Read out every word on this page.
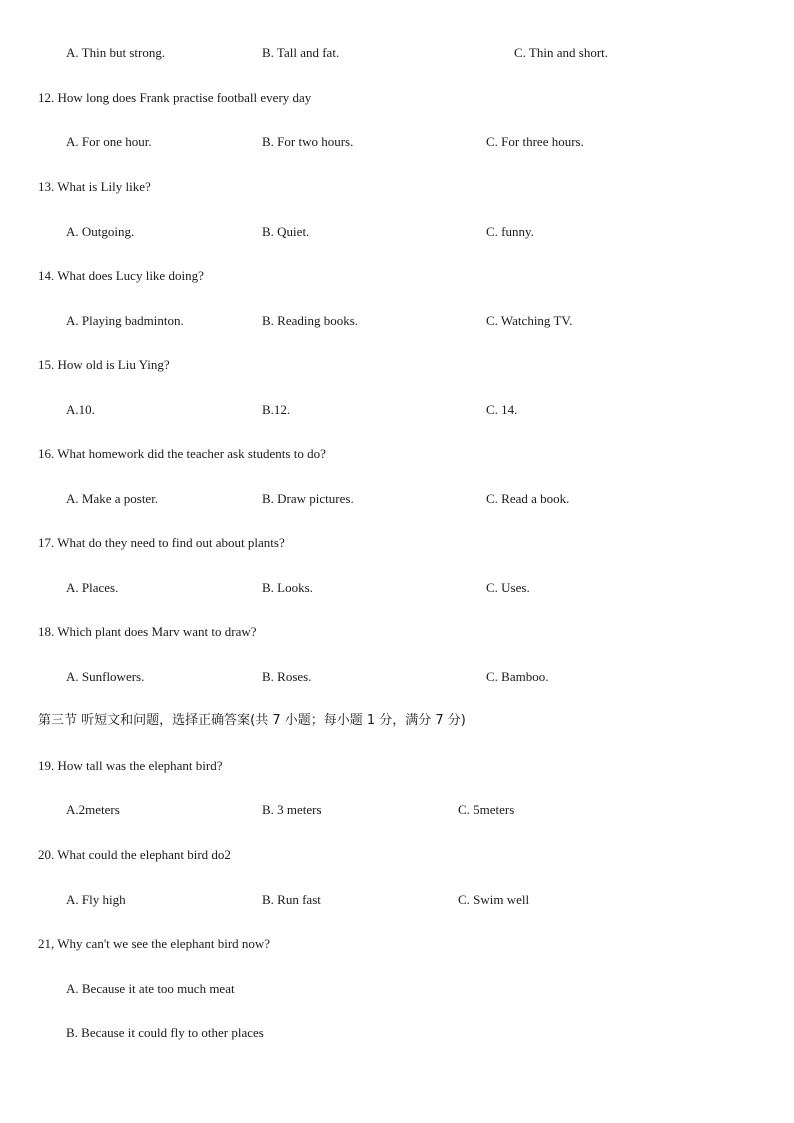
A. Thin but strong.	B. Tall and fat.	C. Thin and short.
12. How long does Frank practise football every day
A. For one hour.	B. For two hours.	C. For three hours.
13. What is Lily like?
A. Outgoing.	B. Quiet.	C. funny.
14. What does Lucy like doing?
A. Playing badminton.	B. Reading books.	C. Watching TV.
15. How old is Liu Ying?
A.10.	B.12.	C. 14.
16. What homework did the teacher ask students to do?
A. Make a poster.	B. Draw pictures.	C. Read a book.
17. What do they need to find out about plants?
A. Places.	B. Looks.	C. Uses.
18. Which plant does Marv want to draw?
A. Sunflowers.	B. Roses.	C. Bamboo.
第三节 听短文和问题，选择正确答案(共 7 小题；每小题 1 分，满分 7 分)
19. How tall was the elephant bird?
A.2meters	B. 3 meters	C. 5meters
20. What could the elephant bird do2
A. Fly high	B. Run fast	C. Swim well
21, Why can't we see the elephant bird now?
A. Because it ate too much meat
B. Because it could fly to other places
